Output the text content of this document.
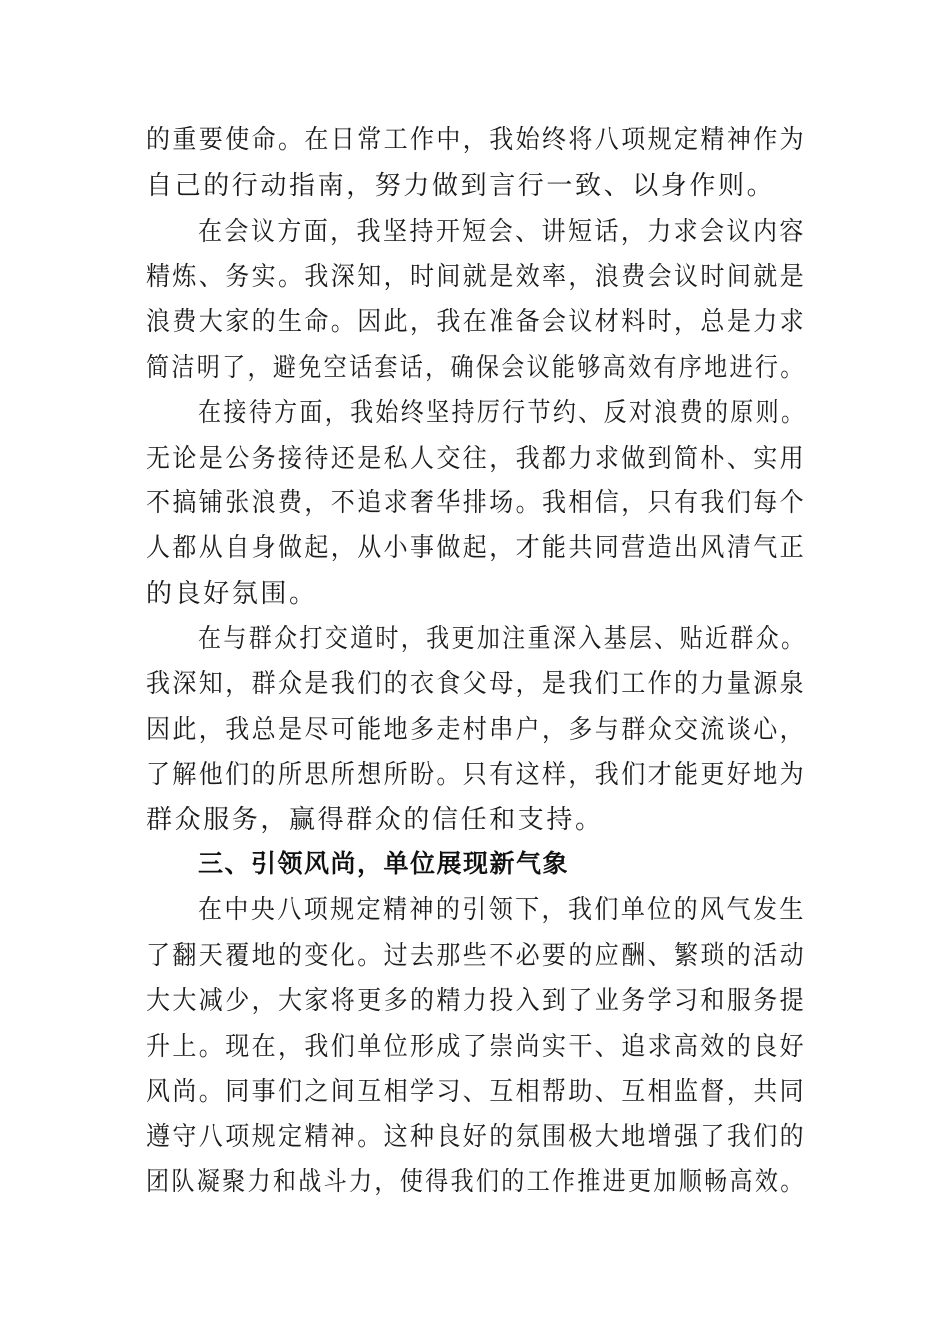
的重要使命。在日常工作中，我始终将八项规定精神作为
自己的行动指南，努力做到言行一致、以身作则。
在会议方面，我坚持开短会、讲短话，力求会议内容
精炼、务实。我深知，时间就是效率，浪费会议时间就是
浪费大家的生命。因此，我在准备会议材料时，总是力求
简洁明了，避免空话套话，确保会议能够高效有序地进行。
在接待方面，我始终坚持厉行节约、反对浪费的原则。
无论是公务接待还是私人交往，我都力求做到简朴、实用
不搞铺张浪费，不追求奢华排场。我相信，只有我们每个
人都从自身做起，从小事做起，才能共同营造出风清气正
的良好氛围。
在与群众打交道时，我更加注重深入基层、贴近群众。
我深知，群众是我们的衣食父母，是我们工作的力量源泉
因此，我总是尽可能地多走村串户，多与群众交流谈心，
了解他们的所思所想所盼。只有这样，我们才能更好地为
群众服务，赢得群众的信任和支持。
三、引领风尚，单位展现新气象
在中央八项规定精神的引领下，我们单位的风气发生
了翻天覆地的变化。过去那些不必要的应酬、繁琐的活动
大大减少，大家将更多的精力投入到了业务学习和服务提
升上。现在，我们单位形成了崇尚实干、追求高效的良好
风尚。同事们之间互相学习、互相帮助、互相监督，共同
遵守八项规定精神。这种良好的氛围极大地增强了我们的
团队凝聚力和战斗力，使得我们的工作推进更加顺畅高效。
